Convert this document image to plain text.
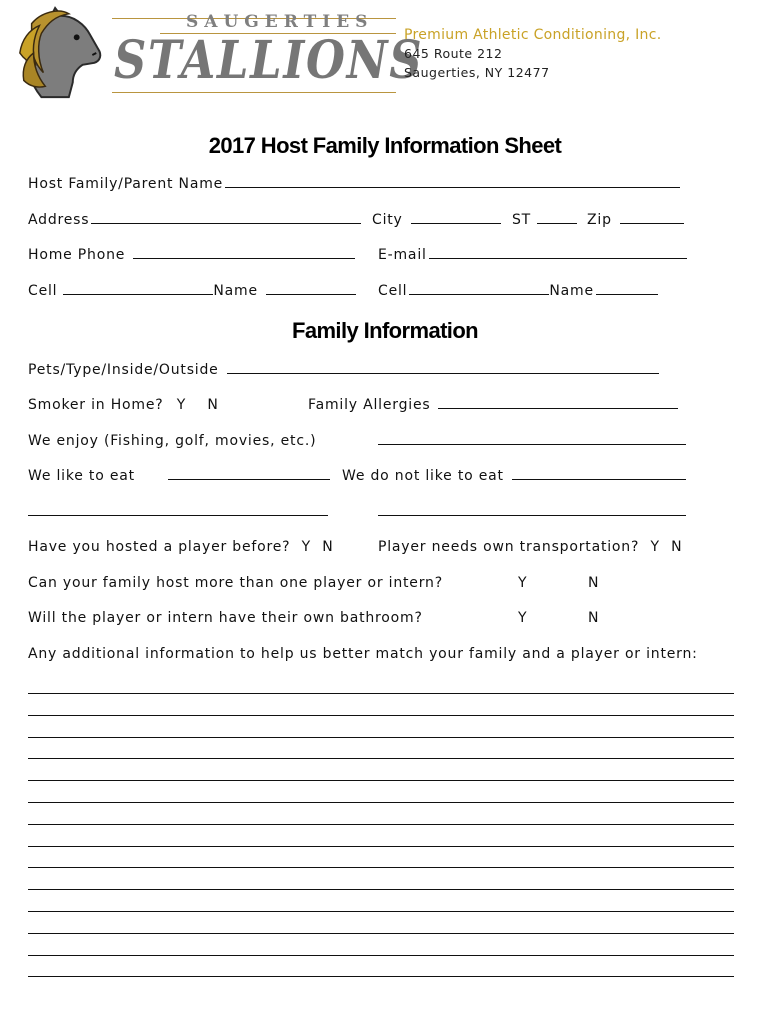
SAUGERTIES
STALLIONS
Premium Athletic Conditioning, Inc.
645 Route 212
Saugerties, NY 12477
2017 Host Family Information Sheet
Host Family/Parent Name
Address	City	ST	Zip
Home Phone	E-mail
Cell	Name	Cell	Name
Family Information
Pets/Type/Inside/Outside
Smoker in Home? Y N	Family Allergies
We enjoy (Fishing, golf, movies, etc.)
We like to eat	We do not like to eat
Have you hosted a player before? Y N	Player needs own transportation? Y N
Can your family host more than one player or intern?	Y	N
Will the player or intern have their own bathroom?	Y	N
Any additional information to help us better match your family and a player or intern:
